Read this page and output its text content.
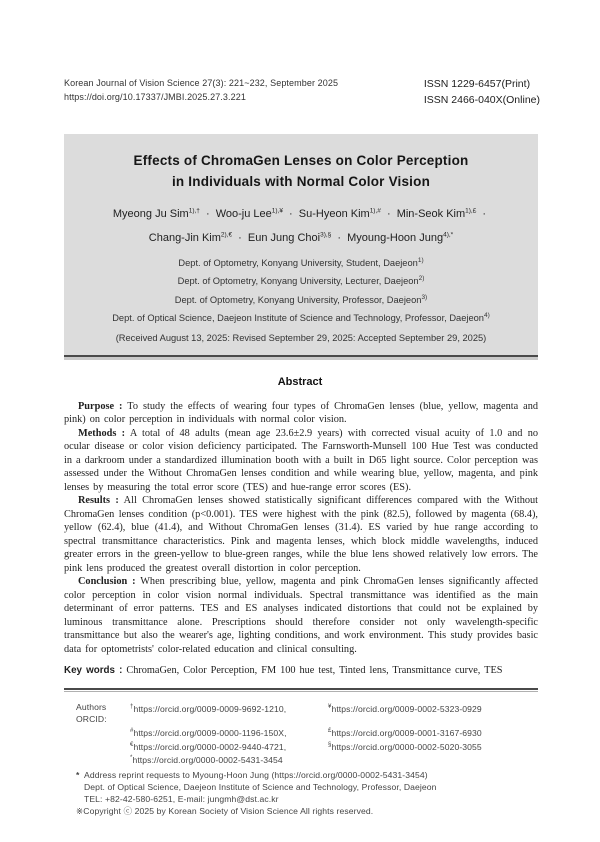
Korean Journal of Vision Science 27(3): 221~232, September 2025
https://doi.org/10.17337/JMBI.2025.27.3.221
ISSN 1229-6457(Print)
ISSN 2466-040X(Online)
Effects of ChromaGen Lenses on Color Perception
in Individuals with Normal Color Vision
Myeong Ju Sim$^{1),\dagger}$ · Woo-ju Lee$^{1),¥}$ · Su-Hyeon Kim$^{1),\#}$ · Min-Seok Kim$^{1),£}$ ·
Chang-Jin Kim$^{2),€}$ · Eun Jung Choi$^{3),\S}$ · Myoung-Hoon Jung$^{4),*}$
Dept. of Optometry, Konyang University, Student, Daejeon$^{1)}$
Dept. of Optometry, Konyang University, Lecturer, Daejeon$^{2)}$
Dept. of Optometry, Konyang University, Professor, Daejeon$^{3)}$
Dept. of Optical Science, Daejeon Institute of Science and Technology, Professor, Daejeon$^{4)}$
(Received August 13, 2025: Revised September 29, 2025: Accepted September 29, 2025)
Abstract

Purpose : To study the effects of wearing four types of ChromaGen lenses (blue, yellow, magenta and pink) on color perception in individuals with normal color vision.

Methods : A total of 48 adults (mean age 23.6±2.9 years) with corrected visual acuity of 1.0 and no ocular disease or color vision deficiency participated. The Farnsworth-Munsell 100 Hue Test was conducted in a darkroom under a standardized illumination booth with a built in D65 light source. Color perception was assessed under the Without ChromaGen lenses condition and while wearing blue, yellow, magenta, and pink lenses by measuring the total error score (TES) and hue-range error scores (ES).

Results : All ChromaGen lenses showed statistically significant differences compared with the Without ChromaGen lenses condition (p<0.001). TES were highest with the pink (82.5), followed by magenta (68.4), yellow (62.4), blue (41.4), and Without ChromaGen lenses (31.4). ES varied by hue range according to spectral transmittance characteristics. Pink and magenta lenses, which block middle wavelengths, induced greater errors in the green-yellow to blue-green ranges, while the blue lens showed relatively low errors. The pink lens produced the greatest overall distortion in color perception.

Conclusion : When prescribing blue, yellow, magenta and pink ChromaGen lenses significantly affected color perception in color vision normal individuals. Spectral transmittance was identified as the main determinant of error patterns. TES and ES analyses indicated distortions that could not be explained by luminous transmittance alone. Prescriptions should therefore consider not only wavelength-specific transmittance but also the wearer's age, lighting conditions, and work environment. This study provides basic data for optometrists' color-related education and clinical consulting.

Key words : ChromaGen, Color Perception, FM 100 hue test, Tinted lens, Transmittance curve, TES

Authors ORCID:
†https://orcid.org/0009-0009-9692-1210,	¥https://orcid.org/0009-0002-5323-0929
#https://orcid.org/0009-0000-1196-150X,	£https://orcid.org/0009-0001-3167-6930
€https://orcid.org/0000-0002-9440-4721,	§https://orcid.org/0000-0002-5020-3055
*https://orcid.org/0000-0002-5431-3454
* Address reprint requests to Myoung-Hoon Jung (https://orcid.org/0000-0002-5431-3454)
Dept. of Optical Science, Daejeon Institute of Science and Technology, Professor, Daejeon
TEL: +82-42-580-6251, E-mail: jungmh@dst.ac.kr
※Copyright ⓒ 2025 by Korean Society of Vision Science All rights reserved.
